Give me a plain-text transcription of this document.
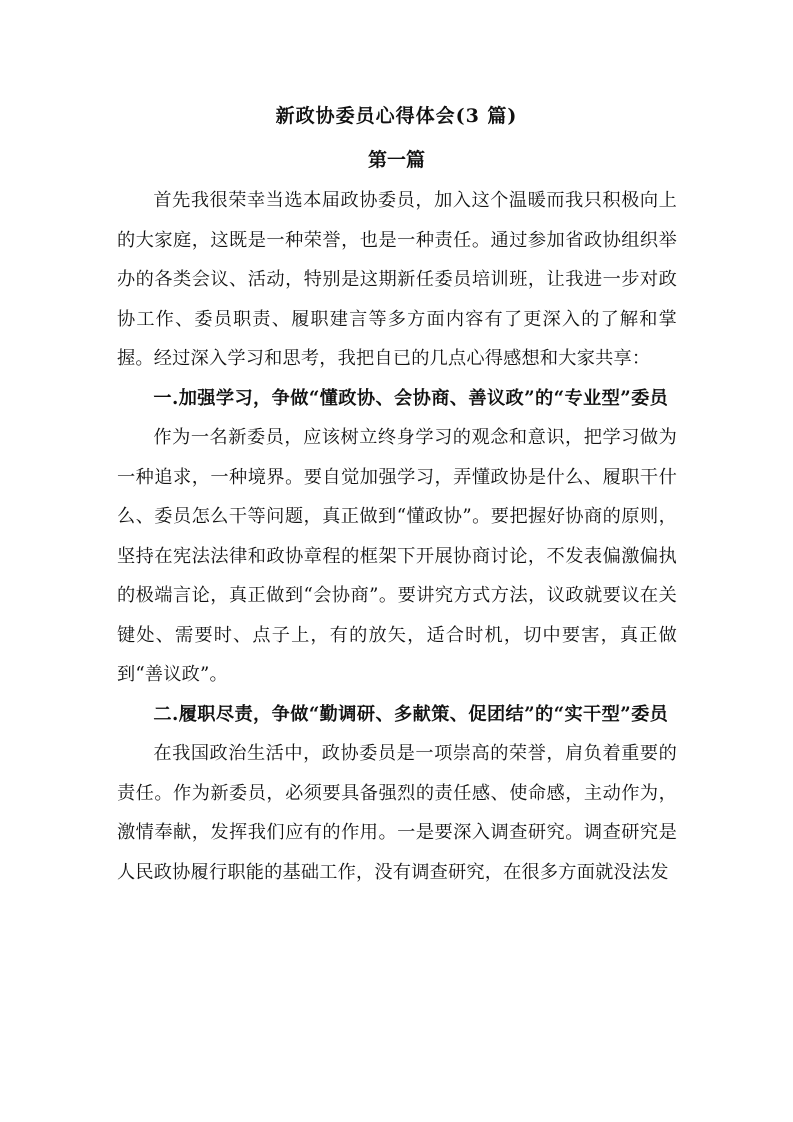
新政协委员心得体会(3 篇)
第一篇

首先我很荣幸当选本届政协委员，加入这个温暖而我只积极向上的大家庭，这既是一种荣誉，也是一种责任。通过参加省政协组织举办的各类会议、活动，特别是这期新任委员培训班，让我进一步对政协工作、委员职责、履职建言等多方面内容有了更深入的了解和掌握。经过深入学习和思考，我把自已的几点心得感想和大家共享：

一.加强学习，争做“懂政协、会协商、善议政”的“专业型”委员

作为一名新委员，应该树立终身学习的观念和意识，把学习做为一种追求，一种境界。要自觉加强学习，弄懂政协是什么、履职干什么、委员怎么干等问题，真正做到“懂政协”。要把握好协商的原则，坚持在宪法法律和政协章程的框架下开展协商讨论，不发表偏激偏执的极端言论，真正做到“会协商”。要讲究方式方法，议政就要议在关键处、需要时、点子上，有的放矢，适合时机，切中要害，真正做到“善议政”。

二.履职尽责，争做“勤调研、多献策、促团结”的“实干型”委员

在我国政治生活中，政协委员是一项崇高的荣誉，肩负着重要的责任。作为新委员，必须要具备强烈的责任感、使命感，主动作为，激情奉献，发挥我们应有的作用。一是要深入调查研究。调查研究是人民政协履行职能的基础工作，没有调查研究，在很多方面就没法发
